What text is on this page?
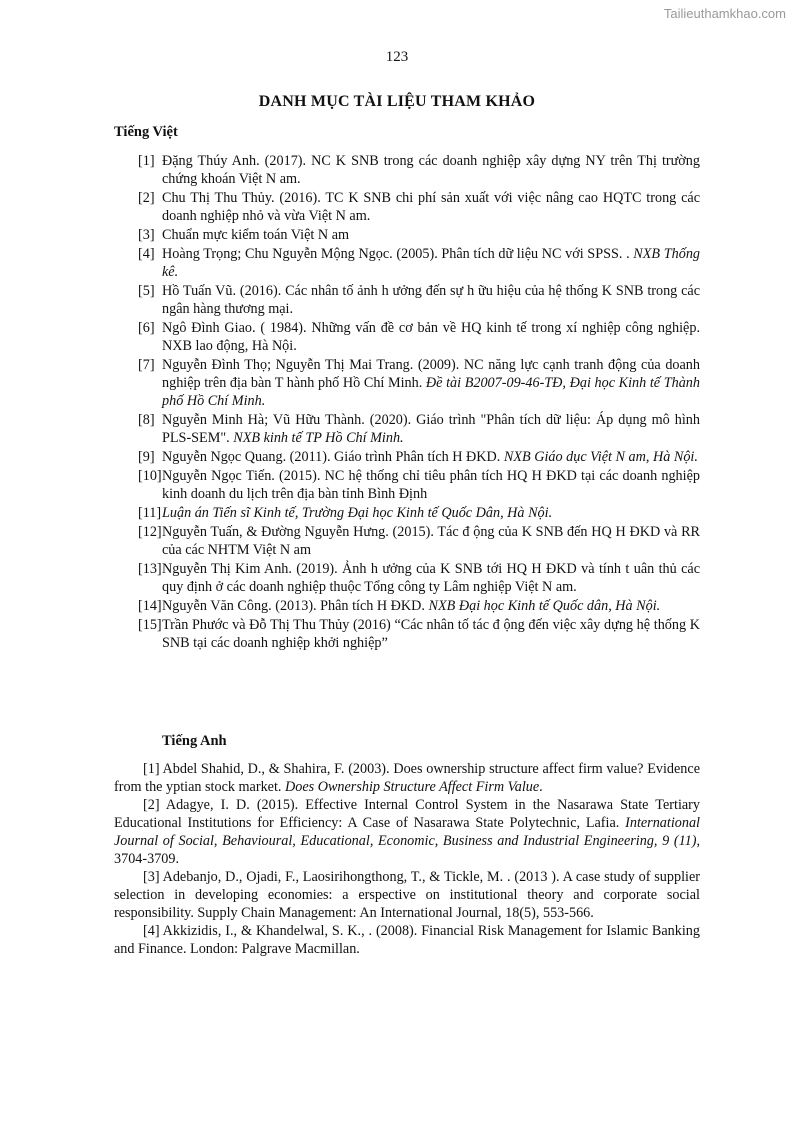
Tailieuthamkhao.com
123
DANH MỤC TÀI LIỆU THAM KHẢO
Tiếng Việt
[1] Đặng Thúy Anh. (2017). NC K SNB trong các doanh nghiệp xây dựng NY trên Thị trường chứng khoán Việt N am.
[2] Chu Thị Thu Thủy. (2016). TC K SNB chi phí sản xuất với việc nâng cao HQTC trong các doanh nghiệp nhỏ và vừa Việt N am.
[3] Chuẩn mực kiểm toán Việt N am
[4] Hoàng Trọng; Chu Nguyễn Mộng Ngọc. (2005). Phân tích dữ liệu NC với SPSS. . NXB Thống kê.
[5] Hồ Tuấn Vũ. (2016). Các nhân tố ảnh h ưởng đến sự h ữu hiệu của hệ thống K SNB trong các ngân hàng thương mại.
[6] Ngô Đình Giao. ( 1984). Những vấn đề cơ bản về HQ kinh tế trong xí nghiệp công nghiệp. NXB lao động, Hà Nội.
[7] Nguyễn Đình Thọ; Nguyễn Thị Mai Trang. (2009). NC năng lực cạnh tranh động của doanh nghiệp trên địa bàn T hành phố Hồ Chí Minh. Đề tài B2007-09-46-TĐ, Đại học Kinh tế Thành phố Hồ Chí Minh.
[8] Nguyễn Minh Hà; Vũ Hữu Thành. (2020). Giáo trình "Phân tích dữ liệu: Áp dụng mô hình PLS-SEM". NXB kinh tế TP Hồ Chí Minh.
[9] Nguyễn Ngọc Quang. (2011). Giáo trình Phân tích H ĐKD. NXB Giáo dục Việt N am, Hà Nội.
[10] Nguyễn Ngọc Tiến. (2015). NC hệ thống chỉ tiêu phân tích HQ H ĐKD tại các doanh nghiệp kinh doanh du lịch trên địa bàn tỉnh Bình Định
[11] Luận án Tiến sĩ Kinh tế, Trường Đại học Kinh tế Quốc Dân, Hà Nội.
[12] Nguyễn Tuấn, & Đường Nguyễn Hưng. (2015). Tác đ ộng của K SNB đến HQ H ĐKD và RR của các NHTM Việt N am
[13] Nguyễn Thị Kim Anh. (2019). Ảnh h ưởng của K SNB tới HQ H ĐKD và tính t uân thủ các quy định ở các doanh nghiệp thuộc Tổng công ty Lâm nghiệp Việt N am.
[14] Nguyễn Văn Công. (2013). Phân tích H ĐKD. NXB Đại học Kinh tế Quốc dân, Hà Nội.
[15] Trần Phước và Đỗ Thị Thu Thủy (2016) “Các nhân tố tác đ ộng đến việc xây dựng hệ thống K SNB tại các doanh nghiệp khởi nghiệp”
Tiếng Anh
[1] Abdel Shahid, D., & Shahira, F. (2003). Does ownership structure affect firm value? Evidence from the yptian stock market. Does Ownership Structure Affect Firm Value.
[2] Adagye, I. D. (2015). Effective Internal Control System in the Nasarawa State Tertiary Educational Institutions for Efficiency: A Case of Nasarawa State Polytechnic, Lafia. International Journal of Social, Behavioural, Educational, Economic, Business and Industrial Engineering, 9 (11), 3704-3709.
[3] Adebanjo, D., Ojadi, F., Laosirihongthong, T., & Tickle, M. . (2013 ). A case study of supplier selection in developing economies: a erspective on institutional theory and corporate social responsibility. Supply Chain Management: An International Journal, 18(5), 553-566.
[4] Akkizidis, I., & Khandelwal, S. K., . (2008). Financial Risk Management for Islamic Banking and Finance. London: Palgrave Macmillan.
